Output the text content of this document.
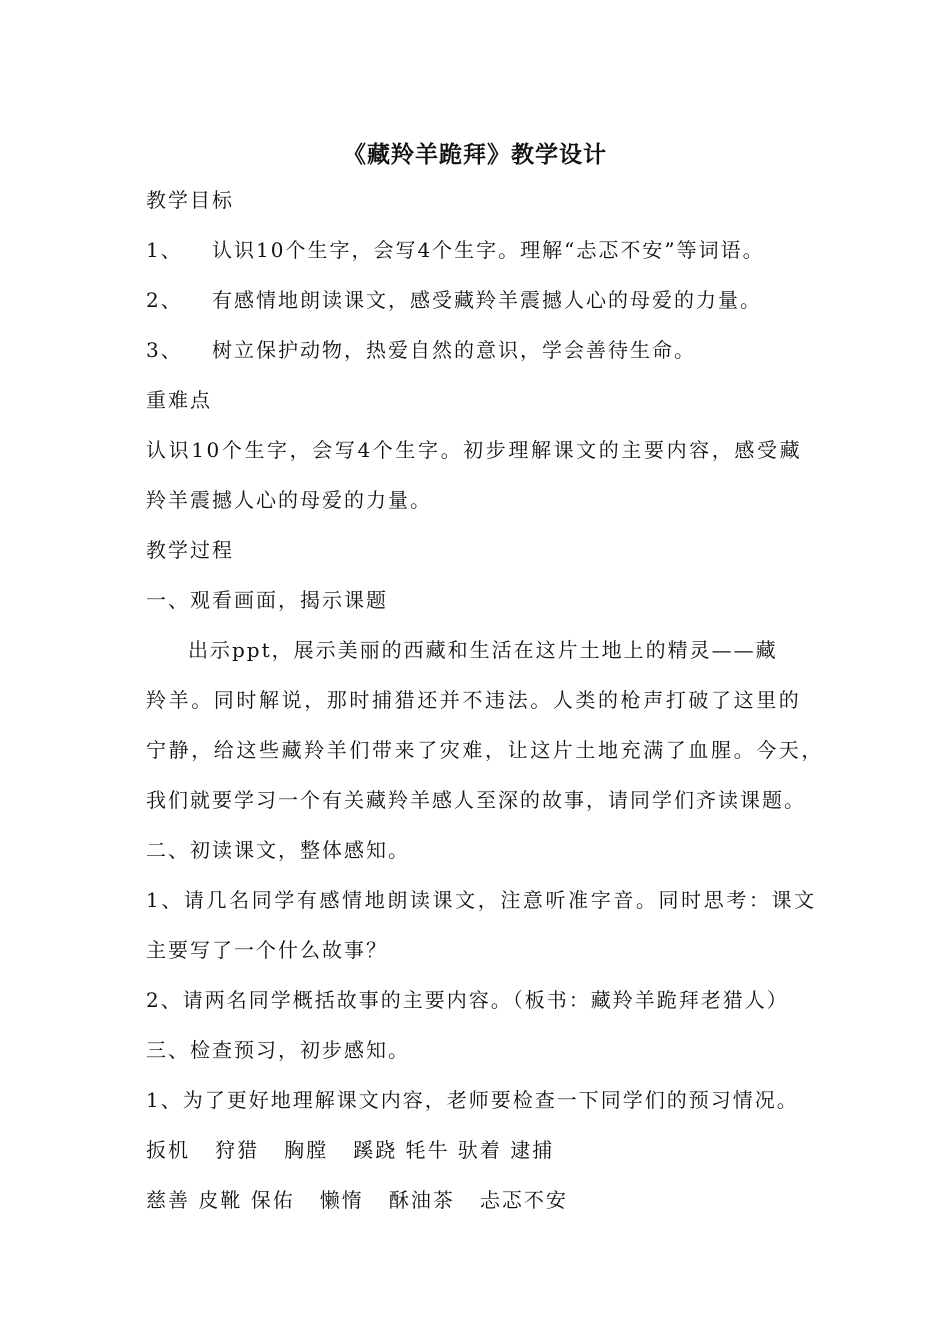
《藏羚羊跪拜》教学设计
教学目标
1、 认识10个生字，会写4个生字。理解“忐忑不安”等词语。
2、 有感情地朗读课文，感受藏羚羊震撼人心的母爱的力量。
3、 树立保护动物，热爱自然的意识，学会善待生命。
重难点
认识10个生字，会写4个生字。初步理解课文的主要内容，感受藏
羚羊震撼人心的母爱的力量。
教学过程
一、观看画面，揭示课题
出示ppt，展示美丽的西藏和生活在这片土地上的精灵——藏
羚羊。同时解说，那时捕猎还并不违法。人类的枪声打破了这里的
宁静，给这些藏羚羊们带来了灾难，让这片土地充满了血腥。今天，
我们就要学习一个有关藏羚羊感人至深的故事，请同学们齐读课题。
二、初读课文，整体感知。
1、请几名同学有感情地朗读课文，注意听准字音。同时思考：课文
主要写了一个什么故事？
2、请两名同学概括故事的主要内容。（板书：藏羚羊跪拜老猎人）
三、检查预习，初步感知。
1、为了更好地理解课文内容，老师要检查一下同学们的预习情况。
扳机   狩猎   胸膛   蹊跷 牦牛 驮着 逮捕
慈善 皮靴 保佑   懒惰   酥油茶   忐忑不安
